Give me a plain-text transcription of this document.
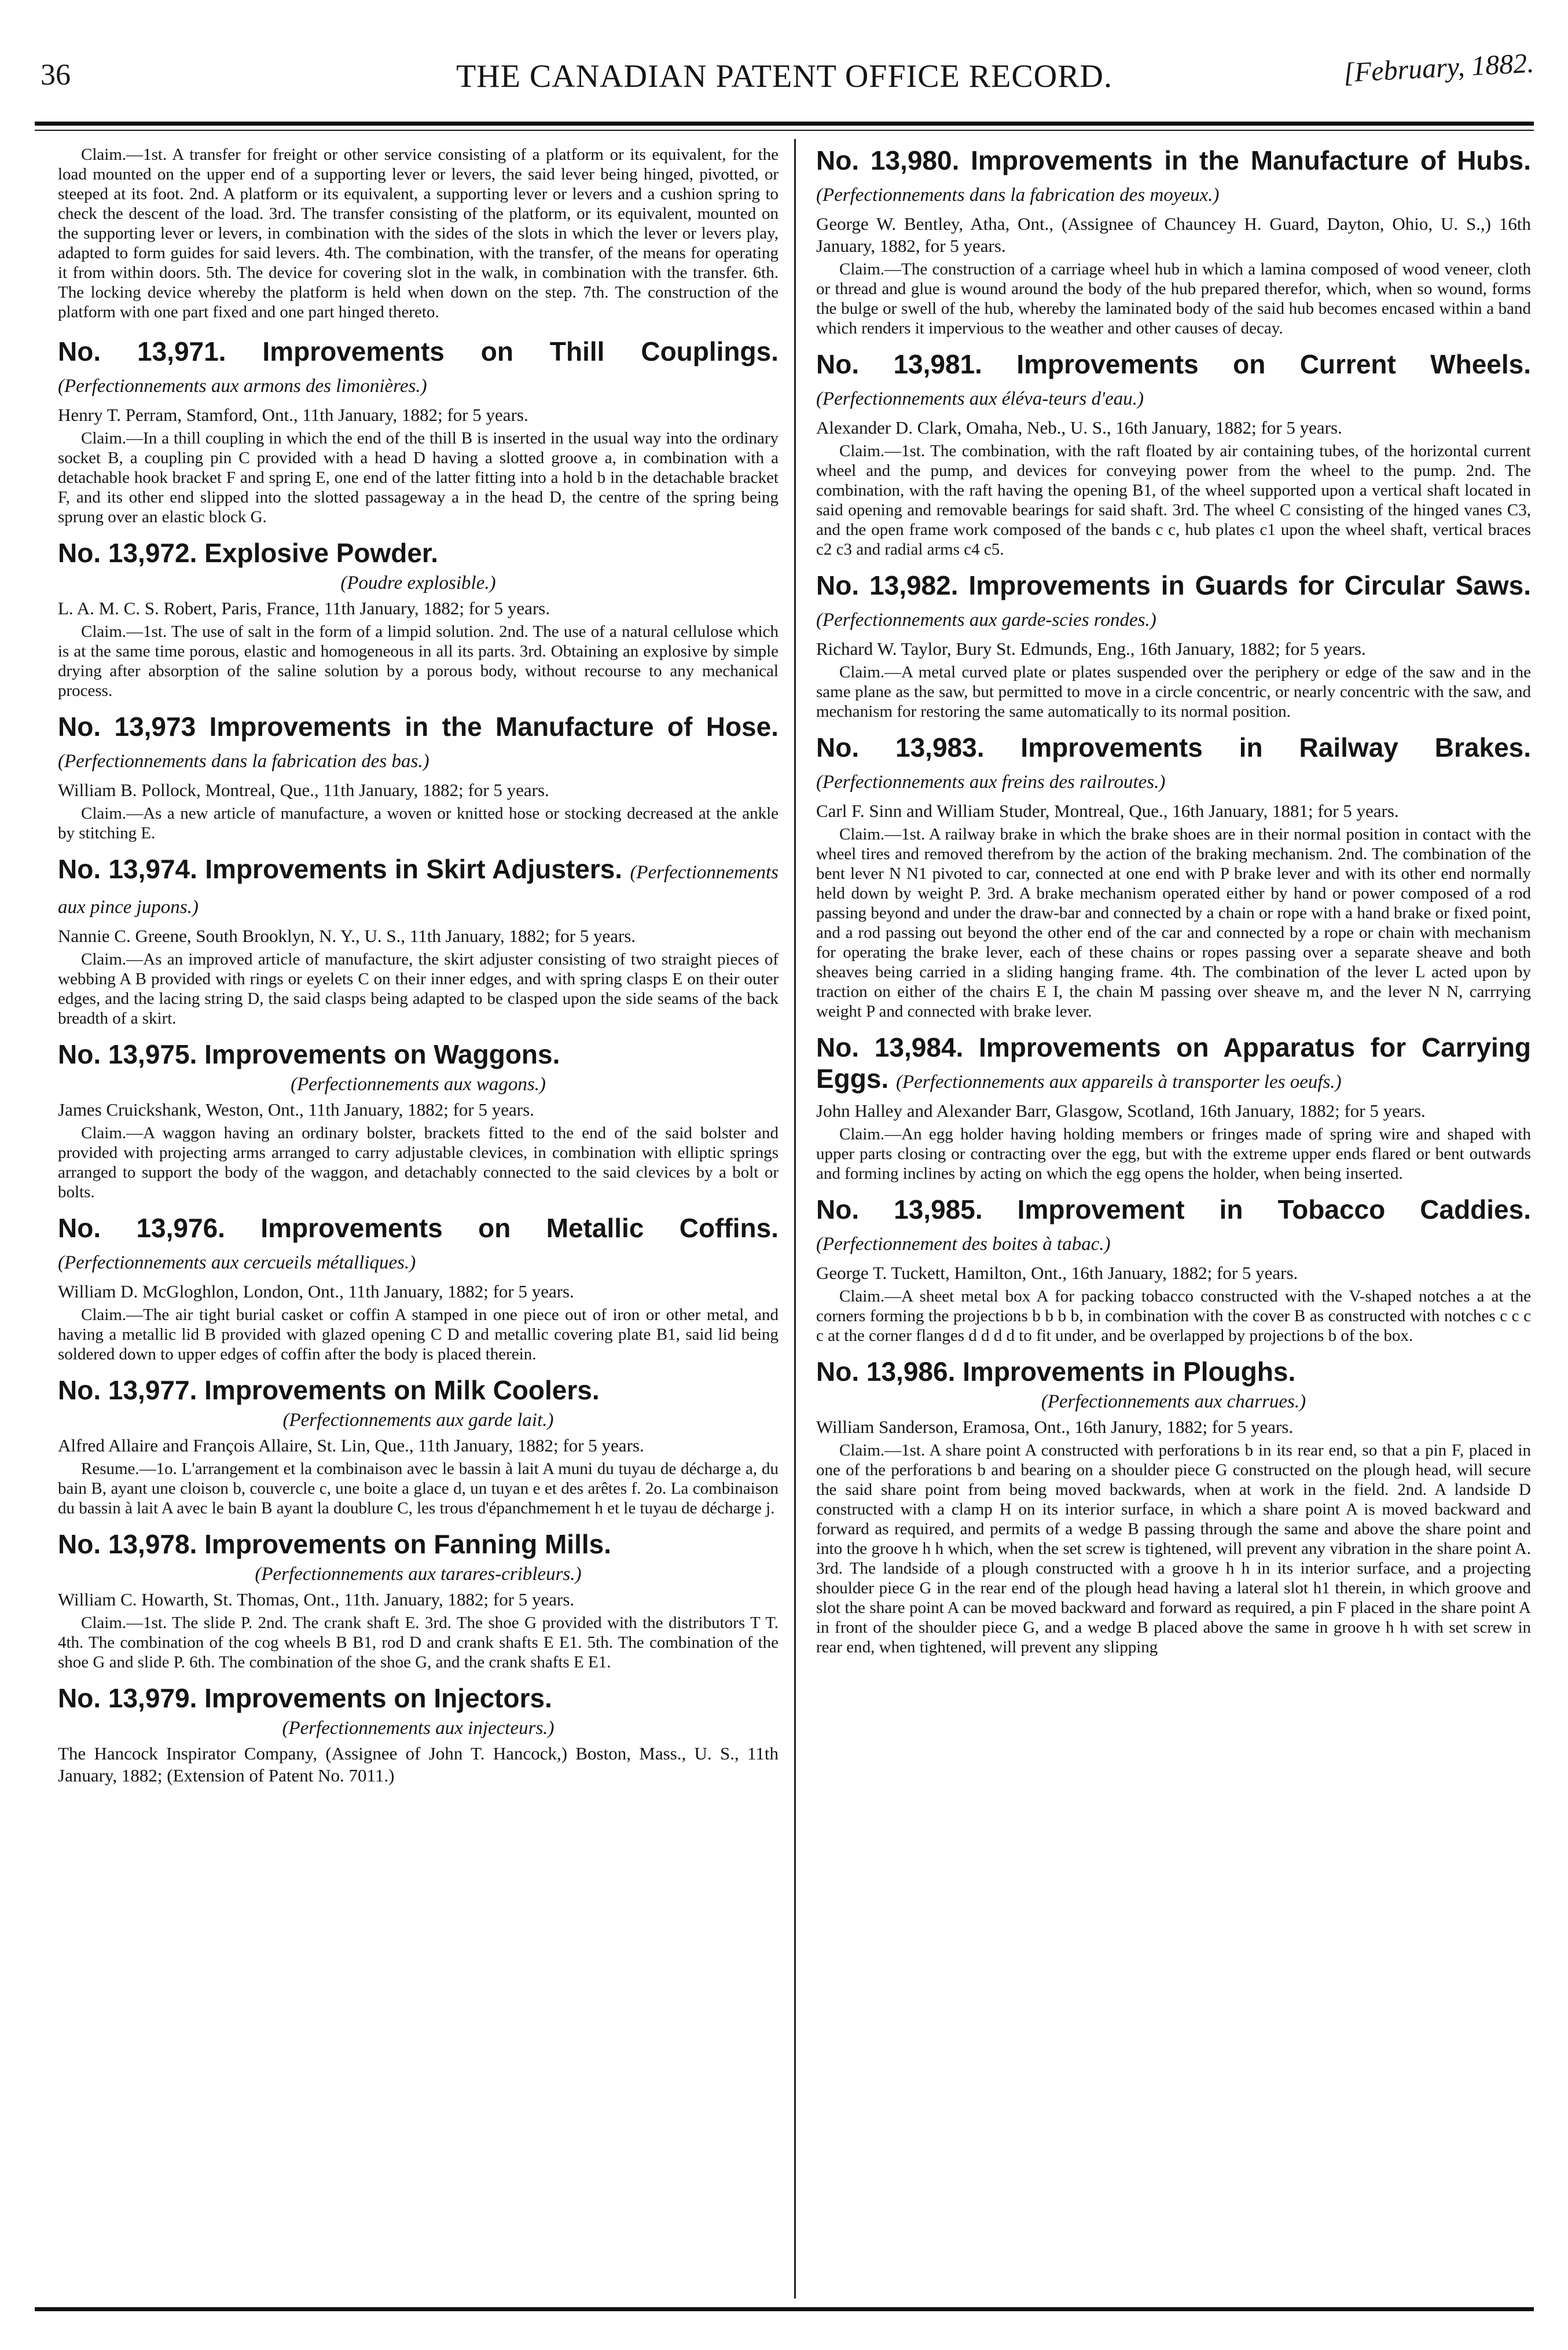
36	THE CANADIAN PATENT OFFICE RECORD.	[February, 1882.

Claim.—1st. A transfer for freight or other service consisting of a platform or its equivalent, for the load mounted on the upper end of a supporting lever or levers, the said lever being hinged, pivotted, or steeped at its foot. 2nd. A platform or its equivalent, a supporting lever or levers and a cushion spring to check the descent of the load. 3rd. The transfer consisting of the platform, or its equivalent, mounted on the supporting lever or levers, in combination with the sides of the slots in which the lever or levers play, adapted to form guides for said levers. 4th. The combination, with the transfer, of the means for operating it from within doors. 5th. The device for covering slot in the walk, in combination with the transfer. 6th. The locking device whereby the platform is held when down on the step. 7th. The construction of the platform with one part fixed and one part hinged thereto.

No. 13,971. Improvements on Thill Couplings. (Perfectionnements aux armons des limonières.)
Henry T. Perram, Stamford, Ont., 11th January, 1882; for 5 years.

Claim.—In a thill coupling in which the end of the thill B is inserted in the usual way into the ordinary socket B, a coupling pin C provided with a head D having a slotted groove a, in combination with a detachable hook bracket F and spring E, one end of the latter fitting into a hold b in the detachable bracket F, and its other end slipped into the slotted passageway a in the head D, the centre of the spring being sprung over an elastic block G.

No. 13,972. Explosive Powder.
(Poudre explosible.)
L. A. M. C. S. Robert, Paris, France, 11th January, 1882; for 5 years.

Claim.—1st. The use of salt in the form of a limpid solution. 2nd. The use of a natural cellulose which is at the same time porous, elastic and homogeneous in all its parts. 3rd. Obtaining an explosive by simple drying after absorption of the saline solution by a porous body, without recourse to any mechanical process.

No. 13,973 Improvements in the Manufacture of Hose. (Perfectionnements dans la fabrication des bas.)
William B. Pollock, Montreal, Que., 11th January, 1882; for 5 years.

Claim.—As a new article of manufacture, a woven or knitted hose or stocking decreased at the ankle by stitching E.

No. 13,974. Improvements in Skirt Adjusters. (Perfectionnements aux pince jupons.)
Nannie C. Greene, South Brooklyn, N. Y., U. S., 11th January, 1882; for 5 years.

Claim.—As an improved article of manufacture, the skirt adjuster consisting of two straight pieces of webbing A B provided with rings or eyelets C on their inner edges, and with spring clasps E on their outer edges, and the lacing string D, the said clasps being adapted to be clasped upon the side seams of the back breadth of a skirt.

No. 13,975. Improvements on Waggons.
(Perfectionnements aux wagons.)
James Cruickshank, Weston, Ont., 11th January, 1882; for 5 years.

Claim.—A waggon having an ordinary bolster, brackets fitted to the end of the said bolster and provided with projecting arms arranged to carry adjustable clevices, in combination with elliptic springs arranged to support the body of the waggon, and detachably connected to the said clevices by a bolt or bolts.

No. 13,976. Improvements on Metallic Coffins. (Perfectionnements aux cercueils métalliques.)
William D. McGloghlon, London, Ont., 11th January, 1882; for 5 years.

Claim.—The air tight burial casket or coffin A stamped in one piece out of iron or other metal, and having a metallic lid B provided with glazed opening C D and metallic covering plate B1, said lid being soldered down to upper edges of coffin after the body is placed therein.

No. 13,977. Improvements on Milk Coolers.
(Perfectionnements aux garde lait.)
Alfred Allaire and François Allaire, St. Lin, Que., 11th January, 1882; for 5 years.

Resume.—1o. L'arrangement et la combinaison avec le bassin à lait A muni du tuyau de décharge a, du bain B, ayant une cloison b, couvercle c, une boite a glace d, un tuyan e et des arêtes f. 2o. La combinaison du bassin à lait A avec le bain B ayant la doublure C, les trous d'épanchmement h et le tuyau de décharge j.

No. 13,978. Improvements on Fanning Mills.
(Perfectionnements aux tarares-cribleurs.)
William C. Howarth, St. Thomas, Ont., 11th. January, 1882; for 5 years.

Claim.—1st. The slide P. 2nd. The crank shaft E. 3rd. The shoe G provided with the distributors T T. 4th. The combination of the cog wheels B B1, rod D and crank shafts E E1. 5th. The combination of the shoe G and slide P. 6th. The combination of the shoe G, and the crank shafts E E1.

No. 13,979. Improvements on Injectors.
(Perfectionnements aux injecteurs.)
The Hancock Inspirator Company, (Assignee of John T. Hancock,) Boston, Mass., U. S., 11th January, 1882; (Extension of Patent No. 7011.)
No. 13,980. Improvements in the Manufacture of Hubs. (Perfectionnements dans la fabrication des moyeux.)
George W. Bentley, Atha, Ont., (Assignee of Chauncey H. Guard, Dayton, Ohio, U. S.,) 16th January, 1882, for 5 years.

Claim.—The construction of a carriage wheel hub in which a lamina composed of wood veneer, cloth or thread and glue is wound around the body of the hub prepared therefor, which, when so wound, forms the bulge or swell of the hub, whereby the laminated body of the said hub becomes encased within a band which renders it impervious to the weather and other causes of decay.

No. 13,981. Improvements on Current Wheels. (Perfectionnements aux éléva-teurs d'eau.)
Alexander D. Clark, Omaha, Neb., U. S., 16th January, 1882; for 5 years.

Claim.—1st. The combination, with the raft floated by air containing tubes, of the horizontal current wheel and the pump, and devices for conveying power from the wheel to the pump. 2nd. The combination, with the raft having the opening B1, of the wheel supported upon a vertical shaft located in said opening and removable bearings for said shaft. 3rd. The wheel C consisting of the hinged vanes C3, and the open frame work composed of the bands c c, hub plates c1 upon the wheel shaft, vertical braces c2 c3 and radial arms c4 c5.

No. 13,982. Improvements in Guards for Circular Saws. (Perfectionnements aux garde-scies rondes.)
Richard W. Taylor, Bury St. Edmunds, Eng., 16th January, 1882; for 5 years.

Claim.—A metal curved plate or plates suspended over the periphery or edge of the saw and in the same plane as the saw, but permitted to move in a circle concentric, or nearly concentric with the saw, and mechanism for restoring the same automatically to its normal position.

No. 13,983. Improvements in Railway Brakes. (Perfectionnements aux freins des railroutes.)
Carl F. Sinn and William Studer, Montreal, Que., 16th January, 1881; for 5 years.

Claim.—1st. A railway brake in which the brake shoes are in their normal position in contact with the wheel tires and removed therefrom by the action of the braking mechanism. 2nd. The combination of the bent lever N N1 pivoted to car, connected at one end with P brake lever and with its other end normally held down by weight P. 3rd. A brake mechanism operated either by hand or power composed of a rod passing beyond and under the draw-bar and connected by a chain or rope with a hand brake or fixed point, and a rod passing out beyond the other end of the car and connected by a rope or chain with mechanism for operating the brake lever, each of these chains or ropes passing over a separate sheave and both sheaves being carried in a sliding hanging frame. 4th. The combination of the lever L acted upon by traction on either of the chairs E I, the chain M passing over sheave m, and the lever N N, carrrying weight P and connected with brake lever.

No. 13,984. Improvements on Apparatus for Carrying Eggs. (Perfectionnements aux appareils à transporter les oeufs.)
John Halley and Alexander Barr, Glasgow, Scotland, 16th January, 1882; for 5 years.

Claim.—An egg holder having holding members or fringes made of spring wire and shaped with upper parts closing or contracting over the egg, but with the extreme upper ends flared or bent outwards and forming inclines by acting on which the egg opens the holder, when being inserted.

No. 13,985. Improvement in Tobacco Caddies. (Perfectionnement des boites à tabac.)
George T. Tuckett, Hamilton, Ont., 16th January, 1882; for 5 years.

Claim.—A sheet metal box A for packing tobacco constructed with the V-shaped notches a at the corners forming the projections b b b b, in combination with the cover B as constructed with notches c c c c at the corner flanges d d d d to fit under, and be overlapped by projections b of the box.

No. 13,986. Improvements in Ploughs.
(Perfectionnements aux charrues.)
William Sanderson, Eramosa, Ont., 16th Janury, 1882; for 5 years.

Claim.—1st. A share point A constructed with perforations b in its rear end, so that a pin F, placed in one of the perforations b and bearing on a shoulder piece G constructed on the plough head, will secure the said share point from being moved backwards, when at work in the field. 2nd. A landside D constructed with a clamp H on its interior surface, in which a share point A is moved backward and forward as required, and permits of a wedge B passing through the same and above the share point and into the groove h h which, when the set screw is tightened, will prevent any vibration in the share point A. 3rd. The landside of a plough constructed with a groove h h in its interior surface, and a projecting shoulder piece G in the rear end of the plough head having a lateral slot h1 therein, in which groove and slot the share point A can be moved backward and forward as required, a pin F placed in the share point A in front of the shoulder piece G, and a wedge B placed above the same in groove h h with set screw in rear end, when tightened, will prevent any slipping
